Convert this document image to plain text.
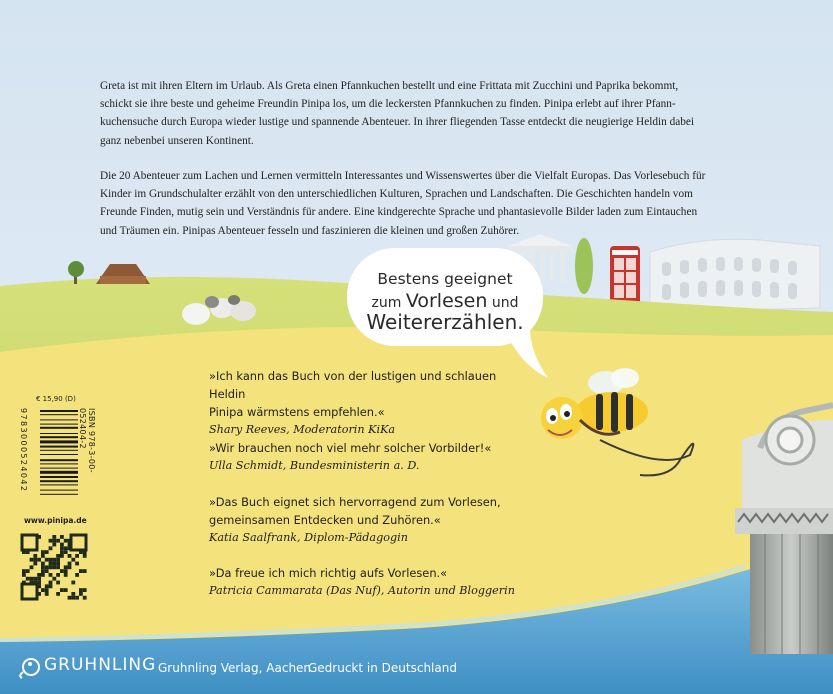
Greta ist mit ihren Eltern im Urlaub. Als Greta einen Pfannkuchen bestellt und eine Frittata mit Zucchini und Paprika bekommt,

schickt sie ihre beste und geheime Freundin Pinipa los, um die leckersten Pfannkuchen zu finden. Pinipa erlebt auf ihrer Pfann-

kuchensuche durch Europa wieder lustige und spannende Abenteuer. In ihrer fliegenden Tasse entdeckt die neugierige Heldin dabei

ganz nebenbei unseren Kontinent.

Die 20 Abenteuer zum Lachen und Lernen vermitteln Interessantes und Wissenswertes über die Vielfalt Europas. Das Vorlesebuch für

Kinder im Grundschulalter erzählt von den unterschiedlichen Kulturen, Sprachen und Landschaften. Die Geschichten handeln vom

Freunde Finden, mutig sein und Verständnis für andere. Eine kindgerechte Sprache und phantasievolle Bilder laden zum Eintauchen

und Träumen ein. Pinipas Abenteuer fesseln und faszinieren die kleinen und großen Zuhörer.

Bestens geeignet
zum Vorlesen und
Weitererzählen.
»Ich kann das Buch von der lustigen und schlauen Heldin
Pinipa wärmstens empfehlen.«
Shary Reeves, Moderatorin KiKa
»Wir brauchen noch viel mehr solcher Vorbilder!«
Ulla Schmidt, Bundesministerin a. D.
»Das Buch eignet sich hervorragend zum Vorlesen,
gemeinsamen Entdecken und Zuhören.«
Katia Saalfrank, Diplom-Pädagogin
»Da freue ich mich richtig aufs Vorlesen.«
Patricia Cammarata (Das Nuf), Autorin und Bloggerin
€ 15,90 (D)
ISBN 978-3-00-052404-2
9783000524042
www.pinipa.de
GRUHNLING Gruhnling Verlag, Aachen
Gedruckt in Deutschland
